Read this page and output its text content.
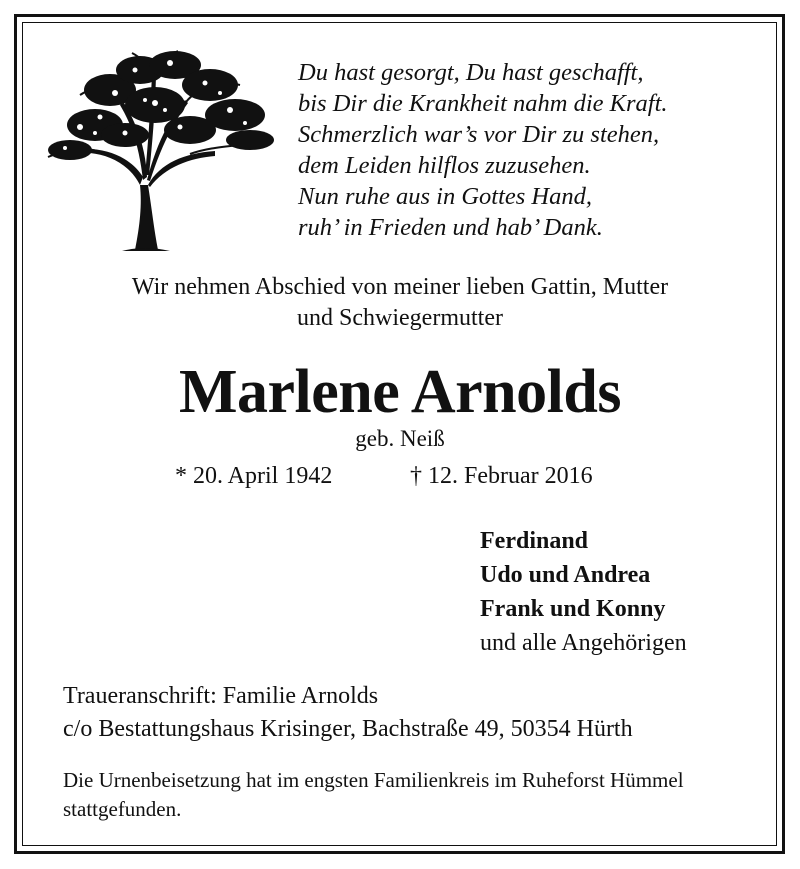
Du hast gesorgt, Du hast geschafft,
bis Dir die Krankheit nahm die Kraft.
Schmerzlich war’s vor Dir zu stehen,
dem Leiden hilflos zuzusehen.
Nun ruhe aus in Gottes Hand,
ruh’ in Frieden und hab’ Dank.
Wir nehmen Abschied von meiner lieben Gattin, Mutter
und Schwiegermutter
Marlene Arnolds
geb. Neiß
* 20. April 1942	† 12. Februar 2016
Ferdinand
Udo und Andrea
Frank und Konny
und alle Angehörigen
Traueranschrift: Familie Arnolds
c/o Bestattungshaus Krisinger, Bachstraße 49, 50354 Hürth
Die Urnenbeisetzung hat im engsten Familienkreis im Ruheforst Hümmel stattgefunden.
